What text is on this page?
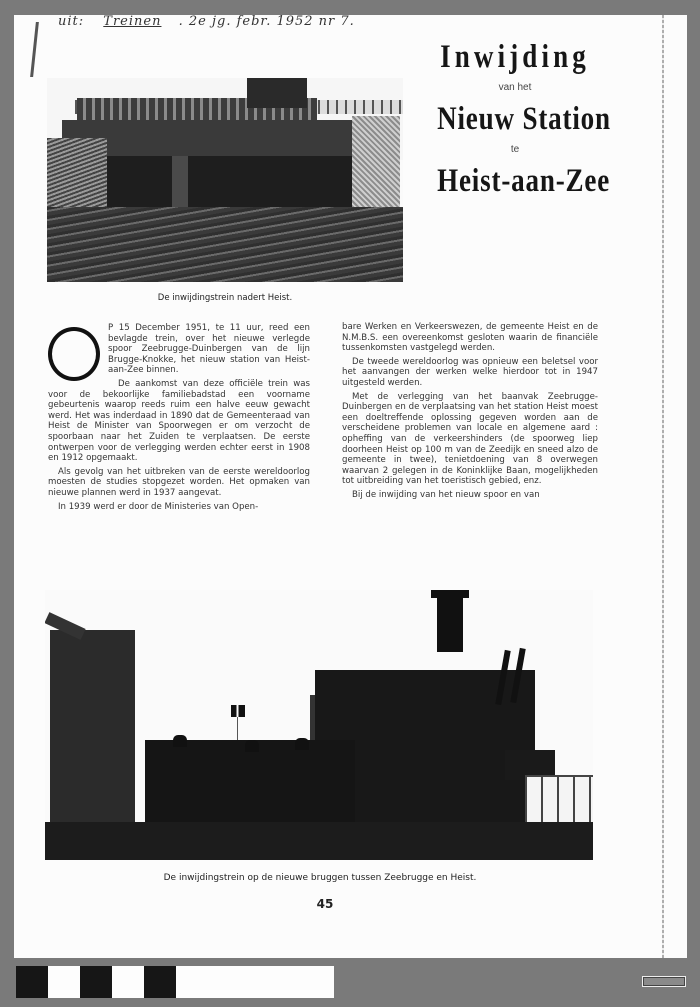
uit: Treinen . 2e jg. febr. 1952 nr 7.
Inwijding
van het
Nieuw Station
te
Heist-aan-Zee
De inwijdingstrein nadert Heist.

P 15 December 1951, te 11 uur, reed een bevlagde trein, over het nieuwe verlegde spoor Zeebrugge-Duinbergen van de lijn Brugge-Knokke, het nieuw station van Heist-aan-Zee binnen.

De aankomst van deze officiële trein was voor de bekoorlijke familiebadstad een voorname gebeurtenis waarop reeds ruim een halve eeuw gewacht werd. Het was inderdaad in 1890 dat de Gemeenteraad van Heist de Minister van Spoorwegen er om verzocht de spoorbaan naar het Zuiden te verplaatsen. De eerste ontwerpen voor de verlegging werden echter eerst in 1908 en 1912 opgemaakt.

Als gevolg van het uitbreken van de eerste wereldoorlog moesten de studies stopgezet worden. Het opmaken van nieuwe plannen werd in 1937 aangevat.

In 1939 werd er door de Ministeries van Open-

bare Werken en Verkeerswezen, de gemeente Heist en de N.M.B.S. een overeenkomst gesloten waarin de financiële tussenkomsten vastgelegd werden.

De tweede wereldoorlog was opnieuw een beletsel voor het aanvangen der werken welke hierdoor tot in 1947 uitgesteld werden.

Met de verlegging van het baanvak Zeebrugge-Duinbergen en de verplaatsing van het station Heist moest een doeltreffende oplossing gegeven worden aan de verscheidene problemen van locale en algemene aard : opheffing van de verkeershinders (de spoorweg liep doorheen Heist op 100 m van de Zeedijk en sneed alzo de gemeente in twee), tenietdoening van 8 overwegen waarvan 2 gelegen in de Koninklijke Baan, mogelijkheden tot uitbreiding van het toeristisch gebied, enz.

Bij de inwijding van het nieuw spoor en van

De inwijdingstrein op de nieuwe bruggen tussen Zeebrugge en Heist.
45
